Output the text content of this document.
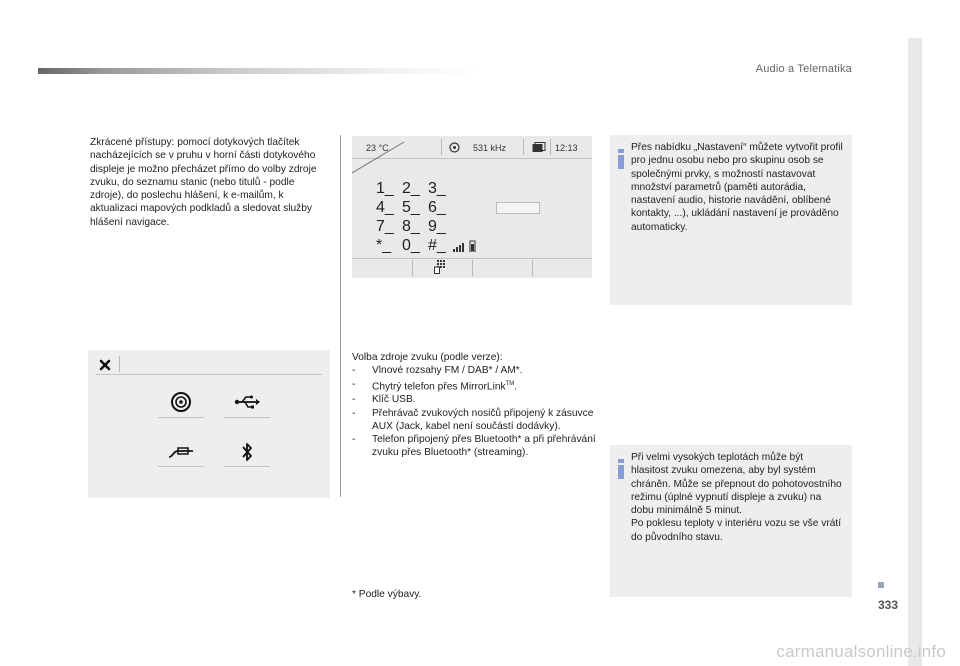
Audio a Telematika
333
Zkrácené přístupy: pomocí dotykových tlačítek nacházejících se v pruhu v horní části dotykového displeje je možno přecházet přímo do volby zdroje zvuku, do seznamu stanic (nebo titulů - podle zdroje), do poslechu hlášení, k e-mailům, k aktualizaci mapových podkladů a sledovat služby hlášení navigace.
23 °C	531 kHz	12:13
1_ 2_ 3_
4_ 5_ 6_
7_ 8_ 9_
*_ 0_ #_
Volba zdroje zvuku (podle verze):
-	Vlnové rozsahy FM / DAB* / AM*.
-	Chytrý telefon přes MirrorLink™.
-	Klíč USB.
-	Přehrávač zvukových nosičů připojený k zásuvce AUX (Jack, kabel není součástí dodávky).
-	Telefon připojený přes Bluetooth* a při přehrávání zvuku přes Bluetooth* (streaming).
* Podle výbavy.
Přes nabídku „Nastavení“ můžete vytvořit profil pro jednu osobu nebo pro skupinu osob se společnými prvky, s možností nastavovat množství parametrů (paměti autorádia, nastavení audio, historie navádění, oblíbené kontakty, ...), ukládání nastavení je prováděno automaticky.

Při velmi vysokých teplotách může být hlasitost zvuku omezena, aby byl systém chráněn. Může se přepnout do pohotovostního režimu (úplné vypnutí displeje a zvuku) na dobu minimálně 5 minut.

Po poklesu teploty v interiéru vozu se vše vrátí do původního stavu.

carmanualsonline.info
